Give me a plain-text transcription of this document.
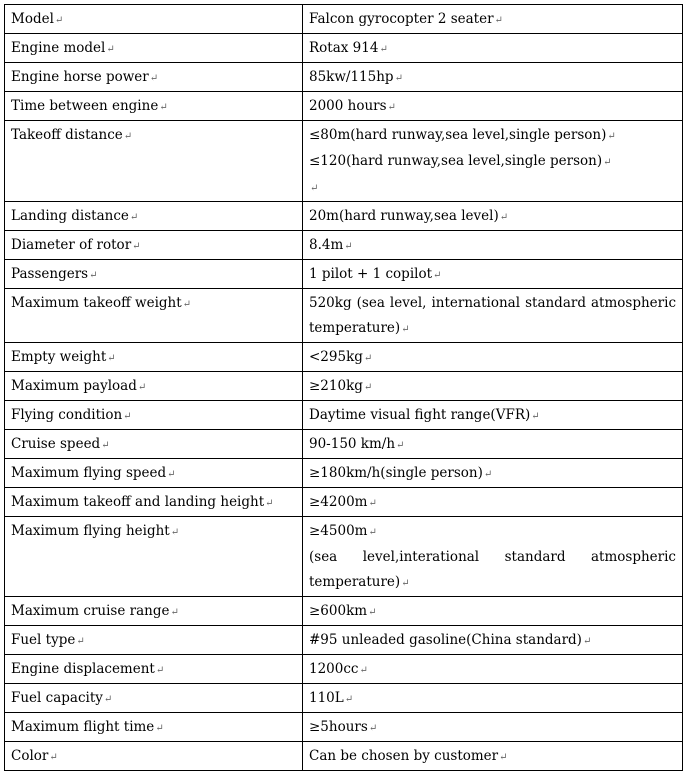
Model↵	Falcon gyrocopter 2 seater↵

Engine model↵	Rotax 914↵

Engine horse power↵	85kw/115hp↵

Time between engine↵	2000 hours↵

Takeoff distance↵	≤80m(hard runway,sea level,single person)↵
≤120(hard runway,sea level,single person)↵
↵

Landing distance↵	20m(hard runway,sea level)↵

Diameter of rotor↵	8.4m↵

Passengers↵	1 pilot + 1 copilot↵

Maximum takeoff weight↵	520kg (sea level, international standard atmospheric temperature)↵

Empty weight↵	<295kg↵

Maximum payload↵	≥210kg↵

Flying condition↵	Daytime visual fight range(VFR)↵

Cruise speed↵	90-150 km/h↵

Maximum flying speed↵	≥180km/h(single person)↵

Maximum takeoff and landing height↵	≥4200m↵

Maximum flying height↵	≥4500m↵
(sea level,interational standard atmospheric temperature)↵

Maximum cruise range↵	≥600km↵

Fuel type↵	#95 unleaded gasoline(China standard)↵

Engine displacement↵	1200cc↵

Fuel capacity↵	110L↵

Maximum flight time↵	≥5hours↵

Color↵	Can be chosen by customer↵
